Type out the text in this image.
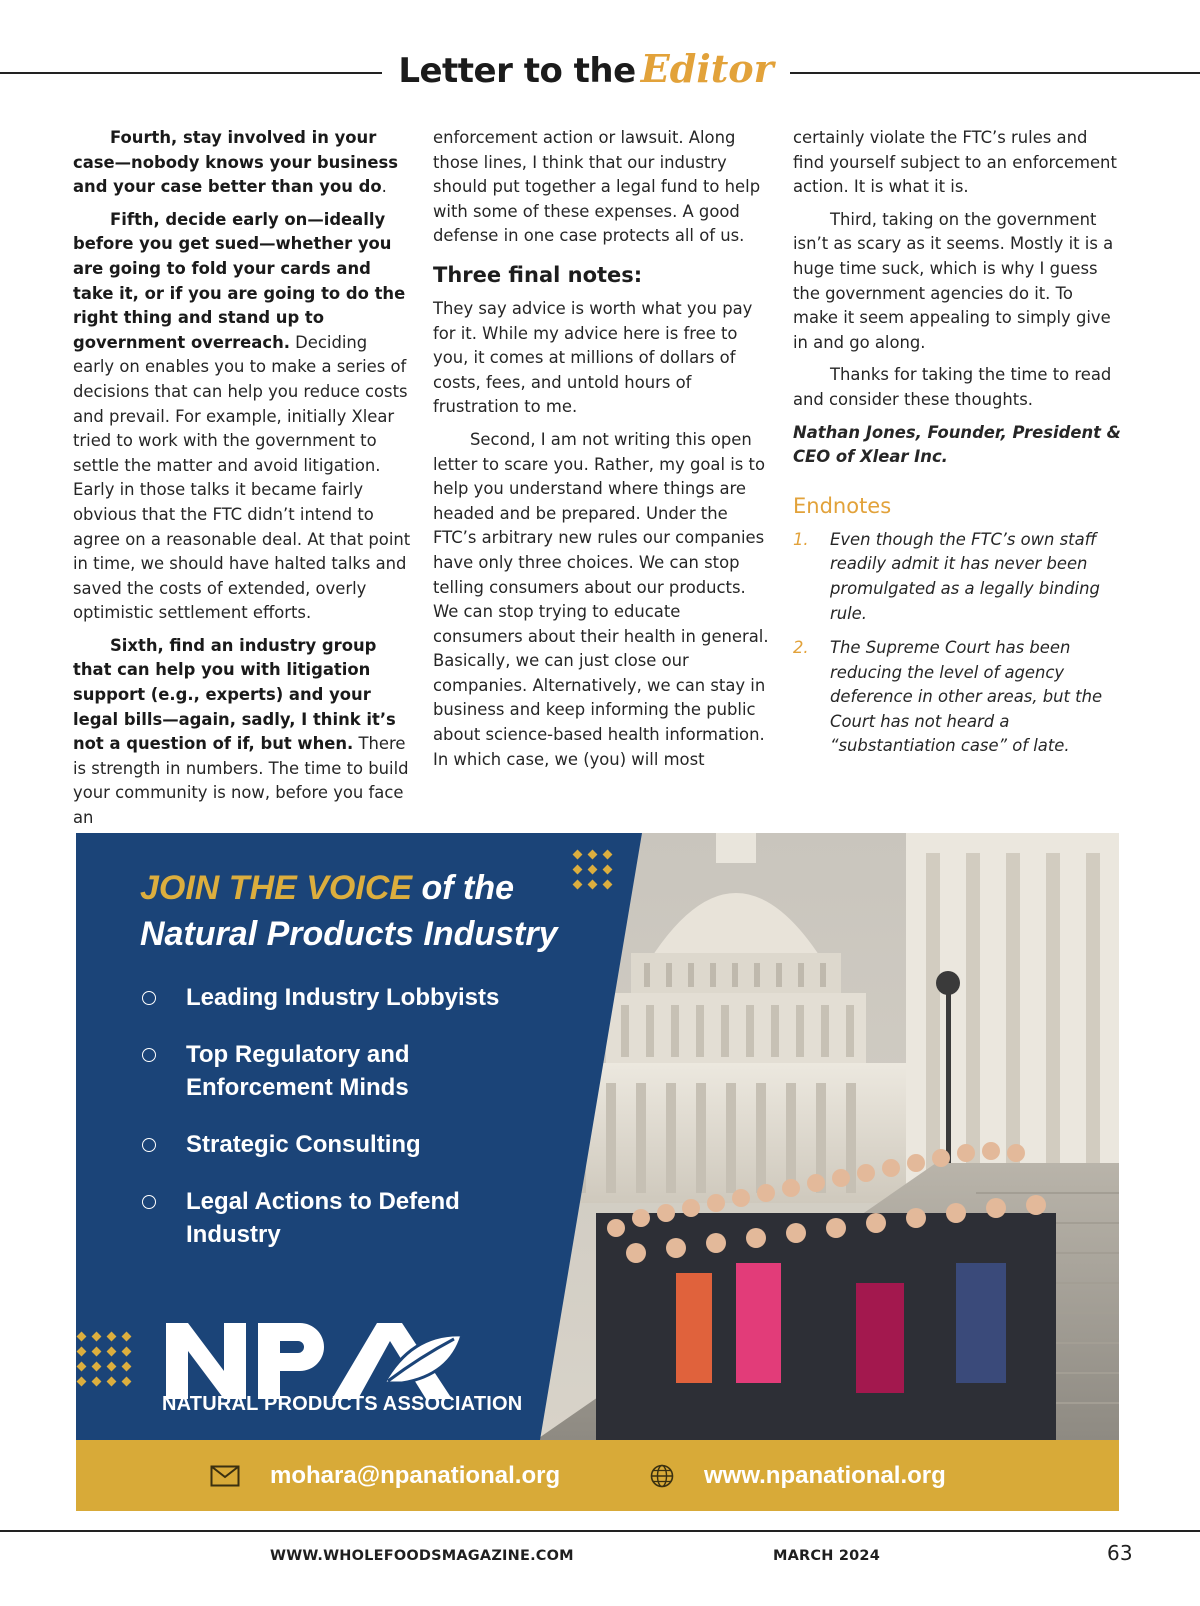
Letter to the Editor

Fourth, stay involved in your case—nobody knows your business and your case better than you do.

Fifth, decide early on—ideally before you get sued—whether you are going to fold your cards and take it, or if you are going to do the right thing and stand up to government overreach. Deciding early on enables you to make a series of decisions that can help you reduce costs and prevail. For example, initially Xlear tried to work with the government to settle the matter and avoid litigation. Early in those talks it became fairly obvious that the FTC didn’t intend to agree on a reasonable deal. At that point in time, we should have halted talks and saved the costs of extended, overly optimistic settlement efforts.

Sixth, find an industry group that can help you with litigation support (e.g., experts) and your legal bills—again, sadly, I think it’s not a question of if, but when. There is strength in numbers. The time to build your community is now, before you face an

enforcement action or lawsuit. Along those lines, I think that our industry should put together a legal fund to help with some of these expenses. A good defense in one case protects all of us.

Three final notes:

They say advice is worth what you pay for it. While my advice here is free to you, it comes at millions of dollars of costs, fees, and untold hours of frustration to me.

Second, I am not writing this open letter to scare you. Rather, my goal is to help you understand where things are headed and be prepared. Under the FTC’s arbitrary new rules our companies have only three choices. We can stop telling consumers about our products. We can stop trying to educate consumers about their health in general. Basically, we can just close our companies. Alternatively, we can stay in business and keep informing the public about science-based health information. In which case, we (you) will most

certainly violate the FTC’s rules and find yourself subject to an enforcement action. It is what it is.

Third, taking on the government isn’t as scary as it seems. Mostly it is a huge time suck, which is why I guess the government agencies do it. To make it seem appealing to simply give in and go along.

Thanks for taking the time to read and consider these thoughts.

Nathan Jones, Founder, President & CEO of Xlear Inc.

Endnotes
1.	Even though the FTC’s own staff readily admit it has never been promulgated as a legally binding rule.
2.	The Supreme Court has been reducing the level of agency deference in other areas, but the Court has not heard a “substantiation case” of late.
JOIN THE VOICE of the
Natural Products Industry
Leading Industry Lobbyists
Top Regulatory and
Enforcement Minds
Strategic Consulting
Legal Actions to Defend
Industry
NATURAL PRODUCTS ASSOCIATION
mohara@npanational.org	www.npanational.org
WWW.WHOLEFOODSMAGAZINE.COM	MARCH 2024	63
